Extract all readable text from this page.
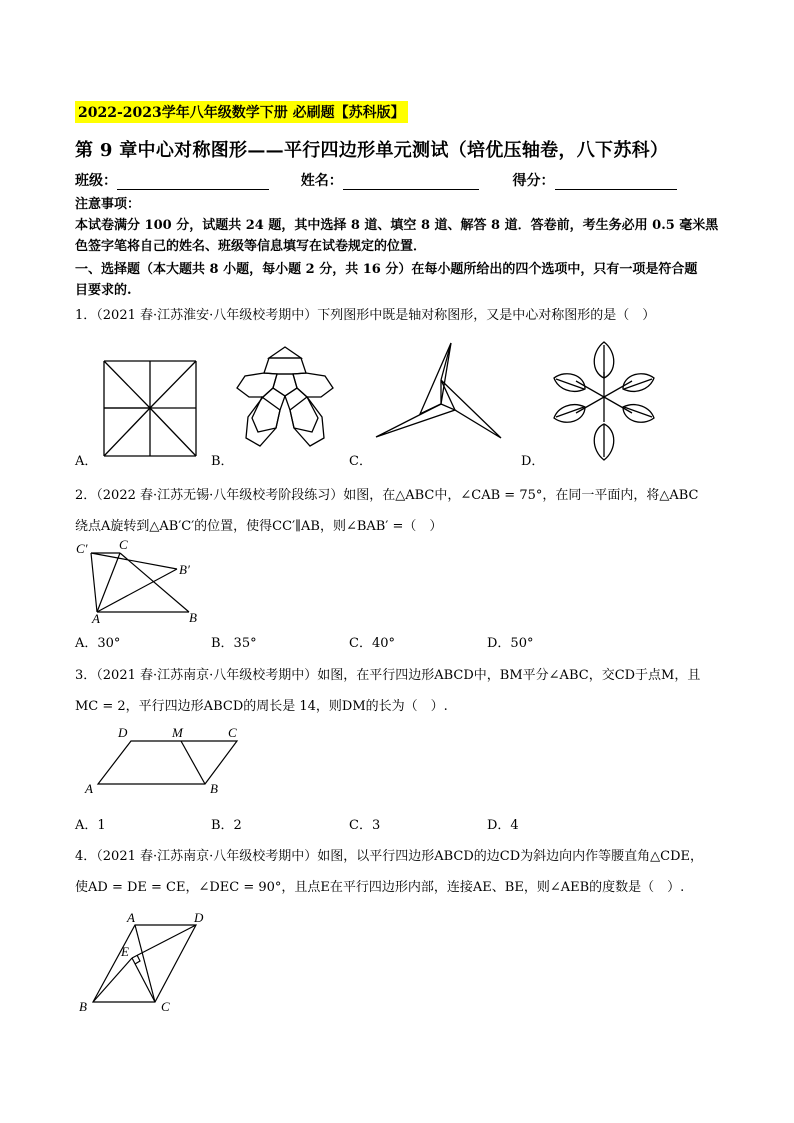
2022-2023学年八年级数学下册 必刷题【苏科版】
第 9 章中心对称图形——平行四边形单元测试（培优压轴卷，八下苏科）
班级：	姓名：	得分：
注意事项：
本试卷满分 100 分，试题共 24 题，其中选择 8 道、填空 8 道、解答 8 道．答卷前，考生务必用 0.5 毫米黑
色签字笔将自己的姓名、班级等信息填写在试卷规定的位置．
一、选择题（本大题共 8 小题，每小题 2 分，共 16 分）在每小题所给出的四个选项中，只有一项是符合题
目要求的.
1．（2021 春·江苏淮安·八年级校考期中）下列图形中既是轴对称图形，又是中心对称图形的是（　）
A．	B．	C．	D．
2．（2022 春·江苏无锡·八年级校考阶段练习）如图，在△ABC中，∠CAB = 75°，在同一平面内，将△ABC
绕点A旋转到△AB′C′的位置，使得CC′∥AB，则∠BAB′ =（　）
C′ C
B′
A	B
A．30°	B．35°	C．40°	D．50°
3．（2021 春·江苏南京·八年级校考期中）如图，在平行四边形ABCD中，BM平分∠ABC，交CD于点M，且
MC = 2，平行四边形ABCD的周长是 14，则DM的长为（　）.
D	M	C
A	B
A．1	B．2	C．3	D．4
4．（2021 春·江苏南京·八年级校考期中）如图，以平行四边形ABCD的边CD为斜边向内作等腰直角△CDE，
使AD = DE = CE，∠DEC = 90°，且点E在平行四边形内部，连接AE、BE，则∠AEB的度数是（　）.
A	D
E
B	C
